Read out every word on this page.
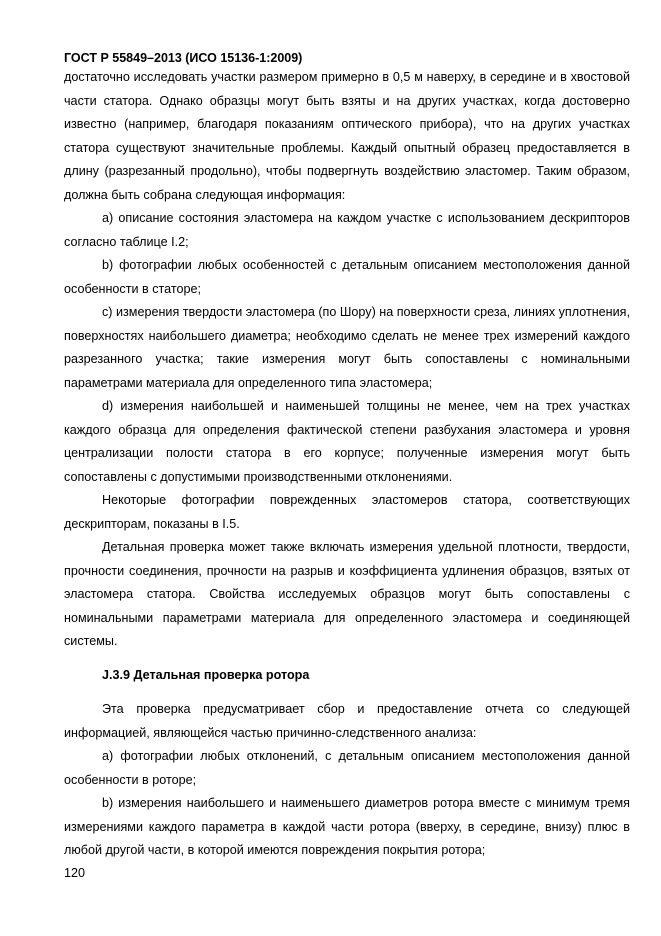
ГОСТ Р 55849–2013 (ИСО 15136-1:2009)

достаточно исследовать участки размером примерно в 0,5 м наверху, в середине и в хвостовой части статора. Однако образцы могут быть взяты и на других участках, когда достоверно известно (например, благодаря показаниям оптического прибора), что на других участках статора существуют значительные проблемы. Каждый опытный образец предоставляется в длину (разрезанный продольно), чтобы подвергнуть воздействию эластомер. Таким образом, должна быть собрана следующая информация:

a) описание состояния эластомера на каждом участке с использованием дескрипторов согласно таблице I.2;

b) фотографии любых особенностей с детальным описанием местоположения данной особенности в статоре;

c) измерения твердости эластомера (по Шору) на поверхности среза, линиях уплотнения, поверхностях наибольшего диаметра; необходимо сделать не менее трех измерений каждого разрезанного участка; такие измерения могут быть сопоставлены с номинальными параметрами материала для определенного типа эластомера;

d) измерения наибольшей и наименьшей толщины не менее, чем на трех участках каждого образца для определения фактической степени разбухания эластомера и уровня централизации полости статора в его корпусе; полученные измерения могут быть сопоставлены с допустимыми производственными отклонениями.

Некоторые фотографии поврежденных эластомеров статора, соответствующих дескрипторам, показаны в I.5.

Детальная проверка может также включать измерения удельной плотности, твердости, прочности соединения, прочности на разрыв и коэффициента удлинения образцов, взятых от эластомера статора. Свойства исследуемых образцов могут быть сопоставлены с номинальными параметрами материала для определенного эластомера и соединяющей системы.

J.3.9 Детальная проверка ротора

Эта проверка предусматривает сбор и предоставление отчета со следующей информацией, являющейся частью причинно-следственного анализа:

a) фотографии любых отклонений, с детальным описанием местоположения данной особенности в роторе;

b) измерения наибольшего и наименьшего диаметров ротора вместе с минимум тремя измерениями каждого параметра в каждой части ротора (вверху, в середине, внизу) плюс в любой другой части, в которой имеются повреждения покрытия ротора;

120
